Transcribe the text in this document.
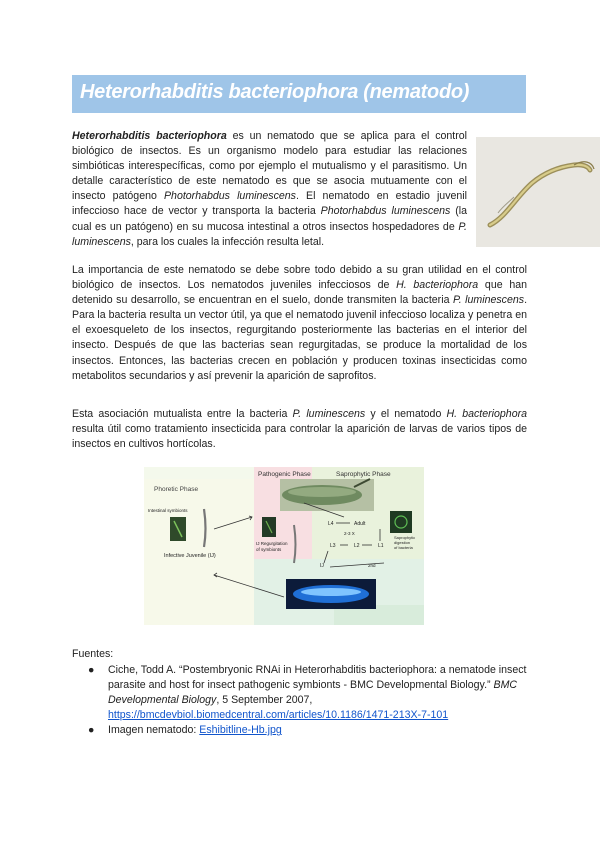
Heterorhabditis bacteriophora (nematodo)

Heterorhabditis bacteriophora es un nematodo que se aplica para el control biológico de insectos. Es un organismo modelo para estudiar las relaciones simbióticas interespecíficas, como por ejemplo el mutualismo y el parasitismo. Un detalle característico de este nematodo es que se asocia mutuamente con el insecto patógeno Photorhabdus luminescens. El nematodo en estadio juvenil infeccioso hace de vector y transporta la bacteria Photorhabdus luminescens (la cual es un patógeno) en su mucosa intestinal a otros insectos hospedadores de P. luminescens, para los cuales la infección resulta letal.

La importancia de este nematodo se debe sobre todo debido a su gran utilidad en el control biológico de insectos. Los nematodos juveniles infecciosos de H. bacteriophora que han detenido su desarrollo, se encuentran en el suelo, donde transmiten la bacteria P. luminescens. Para la bacteria resulta un vector útil, ya que el nematodo juvenil infeccioso localiza y penetra en el exoesqueleto de los insectos, regurgitando posteriormente las bacterias en el interior del insecto. Después de que las bacterias sean regurgitadas, se produce la mortalidad de los insectos. Entonces, las bacterias crecen en población y producen toxinas insecticidas como metabolitos secundarios y así prevenir la aparición de saprofitos.

Esta asociación mutualista entre la bacteria P. luminescens y el nematodo H. bacteriophora resulta útil como tratamiento insecticida para controlar la aparición de larvas de varios tipos de insectos en cultivos hortícolas.

Phoretic Phase
Pathogenic Phase	Saprophytic Phase
Intestinal symbionts
Infective Juvenile (IJ)
IJ Regurgitation
of symbionts
L4	Adult
2-3 X
L3	L2	L1
IJ	2nd
Saprophytic
digestion
of bacteria
Fuentes:
● Ciche, Todd A. “Postembryonic RNAi in Heterorhabditis bacteriophora: a nematode insect parasite and host for insect pathogenic symbionts - BMC Developmental Biology.” BMC Developmental Biology, 5 September 2007, https://bmcdevbiol.biomedcentral.com/articles/10.1186/1471-213X-7-101
● Imagen nematodo: Eshibitline-Hb.jpg
